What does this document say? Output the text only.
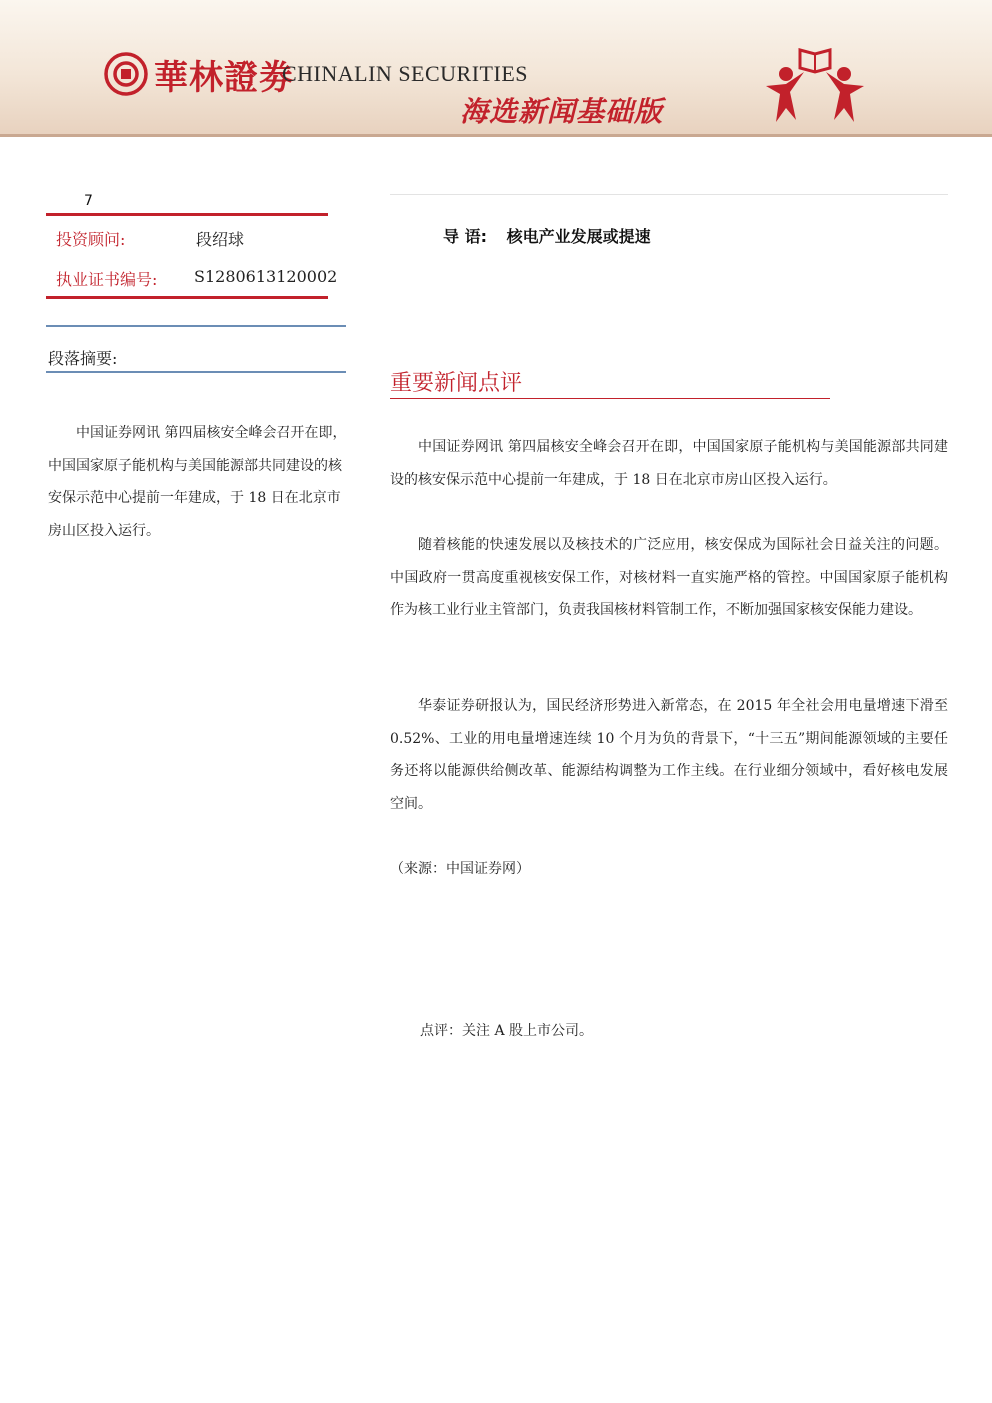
華林證劵
CHINALIN SECURITIES
海选新闻基础版
7
投资顾问:	段绍球
执业证书编号: S1280613120002
段落摘要:

中国证券网讯 第四届核安全峰会召开在即，中国国家原子能机构与美国能源部共同建设的核安保示范中心提前一年建成，于 18 日在北京市房山区投入运行。

导 语: 核电产业发展或提速
重要新闻点评

中国证券网讯 第四届核安全峰会召开在即，中国国家原子能机构与美国能源部共同建设的核安保示范中心提前一年建成，于 18 日在北京市房山区投入运行。

随着核能的快速发展以及核技术的广泛应用，核安保成为国际社会日益关注的问题。中国政府一贯高度重视核安保工作，对核材料一直实施严格的管控。中国国家原子能机构作为核工业行业主管部门，负责我国核材料管制工作，不断加强国家核安保能力建设。

华泰证券研报认为，国民经济形势进入新常态，在 2015 年全社会用电量增速下滑至 0.52%、工业的用电量增速连续 10 个月为负的背景下，“十三五”期间能源领域的主要任务还将以能源供给侧改革、能源结构调整为工作主线。在行业细分领域中，看好核电发展空间。

（来源：中国证券网）
点评：关注 A 股上市公司。
